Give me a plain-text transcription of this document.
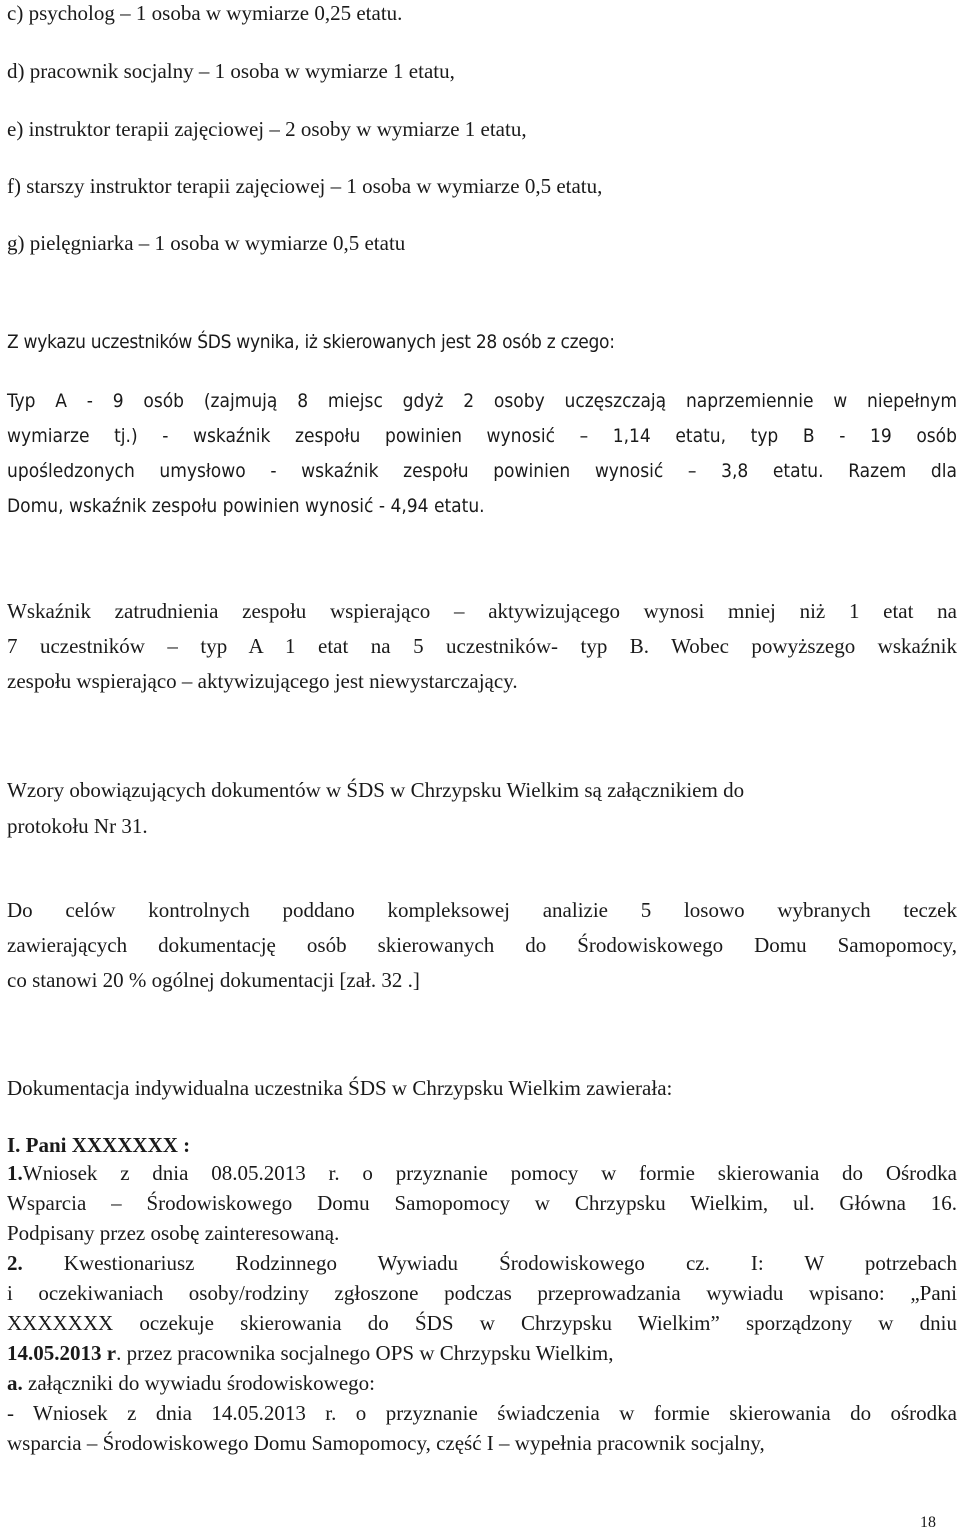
c) psycholog – 1 osoba w wymiarze 0,25 etatu.
d) pracownik socjalny – 1 osoba w wymiarze 1 etatu,
e) instruktor terapii zajęciowej – 2 osoby w wymiarze 1 etatu,
f) starszy instruktor terapii zajęciowej – 1 osoba w wymiarze 0,5 etatu,
g) pielęgniarka – 1 osoba w wymiarze 0,5 etatu
Z wykazu uczestników ŚDS wynika, iż skierowanych jest 28 osób z czego:
Typ A - 9 osób (zajmują 8 miejsc gdyż 2 osoby uczęszczają naprzemiennie w niepełnym
wymiarze tj.) - wskaźnik zespołu powinien wynosić – 1,14 etatu, typ B - 19 osób
upośledzonych umysłowo - wskaźnik zespołu powinien wynosić – 3,8 etatu. Razem dla
Domu, wskaźnik zespołu powinien wynosić - 4,94 etatu.
Wskaźnik zatrudnienia zespołu wspierająco – aktywizującego wynosi mniej niż 1 etat na
7 uczestników – typ A 1 etat na 5 uczestników- typ B. Wobec powyższego wskaźnik
zespołu wspierająco – aktywizującego jest niewystarczający.
Wzory obowiązujących dokumentów w ŚDS w Chrzypsku Wielkim są załącznikiem do
protokołu Nr 31.
Do celów kontrolnych poddano kompleksowej analizie 5 losowo wybranych teczek
zawierających dokumentację osób skierowanych do Środowiskowego Domu Samopomocy,
co stanowi 20 % ogólnej dokumentacji [zał. 32 .]
Dokumentacja indywidualna uczestnika ŚDS w Chrzypsku Wielkim zawierała:
I. Pani XXXXXXX :
1.Wniosek z dnia 08.05.2013 r. o przyznanie pomocy w formie skierowania do Ośrodka
Wsparcia – Środowiskowego Domu Samopomocy w Chrzypsku Wielkim, ul. Główna 16.
Podpisany przez osobę zainteresowaną.
2. Kwestionariusz Rodzinnego Wywiadu Środowiskowego cz. I: W potrzebach
i oczekiwaniach osoby/rodziny zgłoszone podczas przeprowadzania wywiadu wpisano: „Pani
XXXXXXX oczekuje skierowania do ŚDS w Chrzypsku Wielkim” sporządzony w dniu
14.05.2013 r. przez pracownika socjalnego OPS w Chrzypsku Wielkim,
a. załączniki do wywiadu środowiskowego:
- Wniosek z dnia 14.05.2013 r. o przyznanie świadczenia w formie skierowania do ośrodka
wsparcia – Środowiskowego Domu Samopomocy, część I – wypełnia pracownik socjalny,
18
